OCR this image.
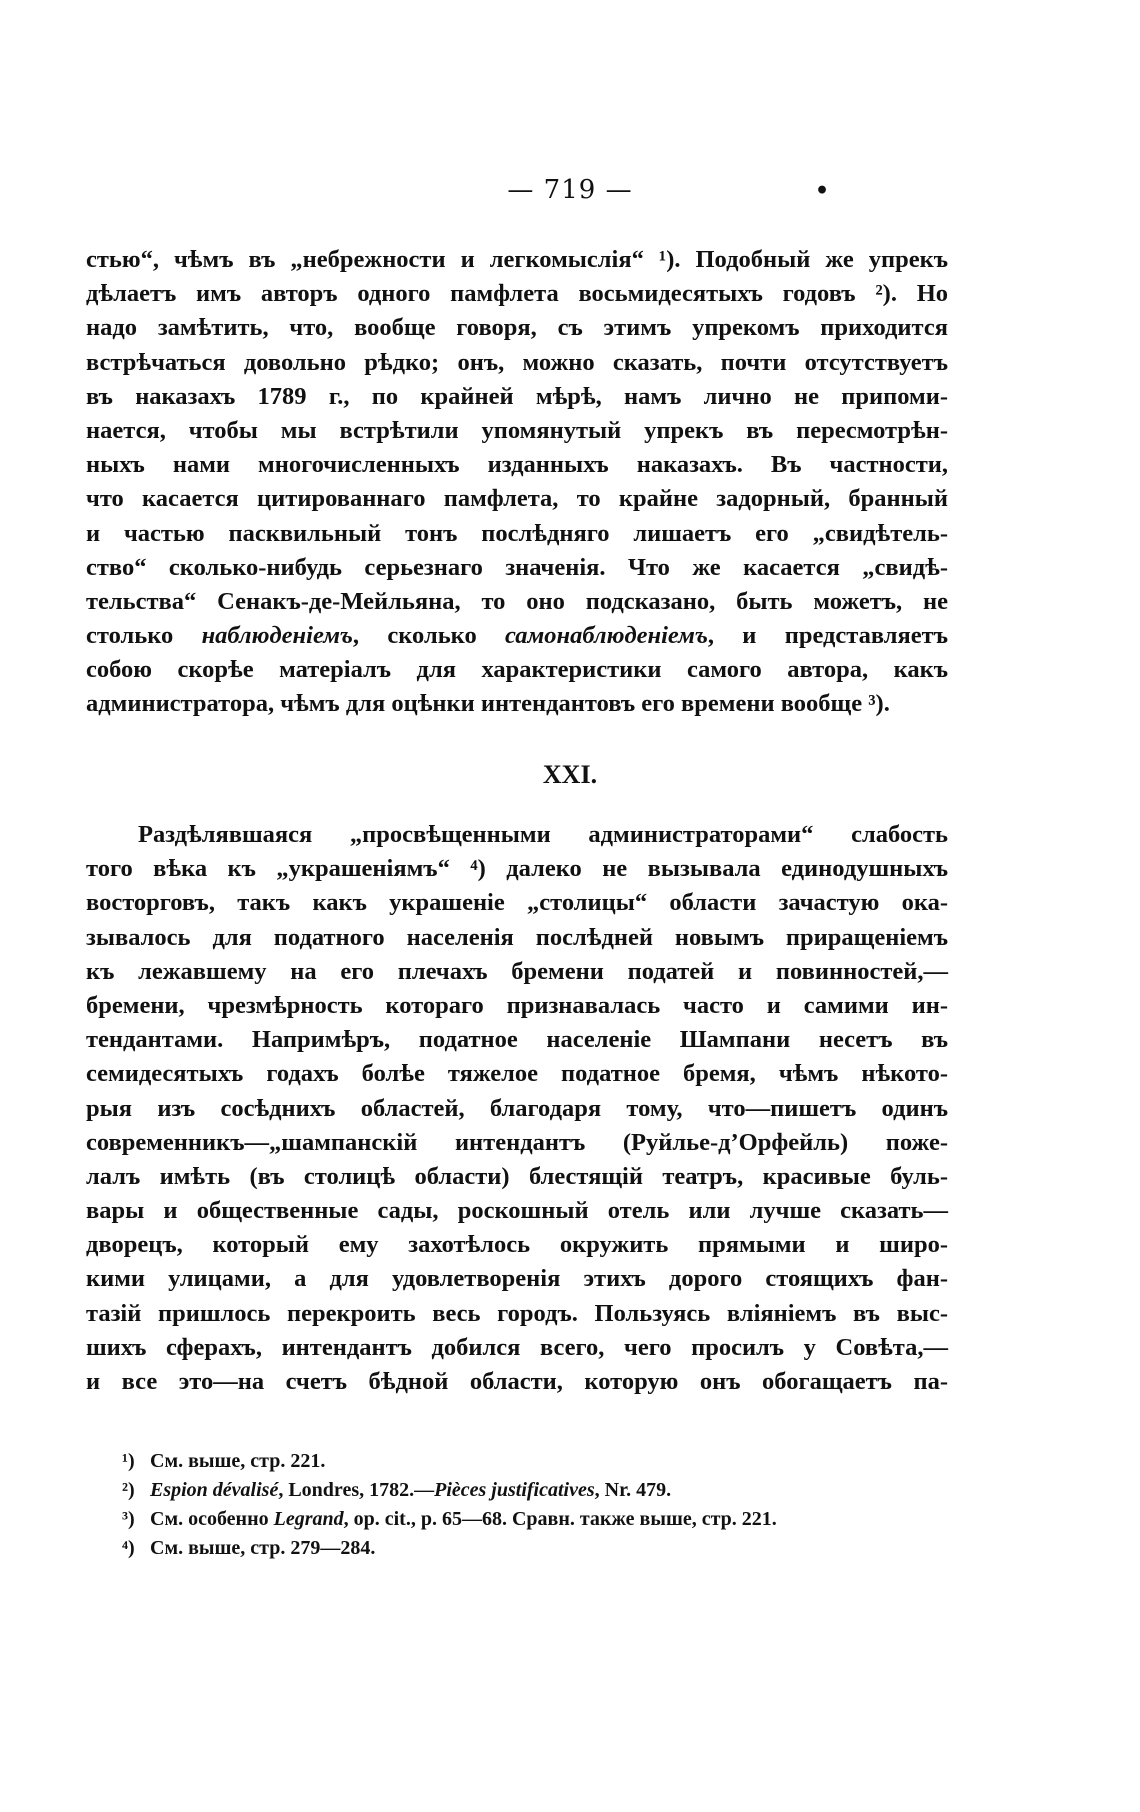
— 719 —	•
стью“, чѣмъ въ „небрежности и легкомыслія“ ¹). Подобный же упрекъ
дѣлаетъ имъ авторъ одного памфлета восьмидесятыхъ годовъ ²). Но
надо замѣтить, что, вообще говоря, съ этимъ упрекомъ приходится
встрѣчаться довольно рѣдко; онъ, можно сказать, почти отсутствуетъ
въ наказахъ 1789 г., по крайней мѣрѣ, намъ лично не припоми-
нается, чтобы мы встрѣтили упомянутый упрекъ въ пересмотрѣн-
ныхъ нами многочисленныхъ изданныхъ наказахъ. Въ частности,
что касается цитированнаго памфлета, то крайне задорный, бранный
и частью пасквильный тонъ послѣдняго лишаетъ его „свидѣтель-
ство“ сколько-нибудь серьезнаго значенія. Что же касается „свидѣ-
тельства“ Сенакъ-де-Мейльяна, то оно подсказано, быть можетъ, не
столько наблюденіемъ, сколько самонаблюденіемъ, и представляетъ
собою скорѣе матеріалъ для характеристики самого автора, какъ
администратора, чѣмъ для оцѣнки интендантовъ его времени вообще ³).
XXI.
Раздѣлявшаяся „просвѣщенными администраторами“ слабость
того вѣка къ „украшеніямъ“ ⁴) далеко не вызывала единодушныхъ
восторговъ, такъ какъ украшеніе „столицы“ области зачастую ока-
зывалось для податного населенія послѣдней новымъ приращеніемъ
къ лежавшему на его плечахъ бремени податей и повинностей,—
бремени, чрезмѣрность котораго признавалась часто и самими ин-
тендантами. Напримѣръ, податное населеніе Шампани несетъ въ
семидесятыхъ годахъ болѣе тяжелое податное бремя, чѣмъ нѣкото-
рыя изъ сосѣднихъ областей, благодаря тому, что—пишетъ одинъ
современникъ—„шампанскій интендантъ (Руйлье-д’Орфейль) поже-
лалъ имѣть (въ столицѣ области) блестящій театръ, красивые буль-
вары и общественные сады, роскошный отель или лучше сказать—
дворецъ, который ему захотѣлось окружить прямыми и широ-
кими улицами, а для удовлетворенія этихъ дорого стоящихъ фан-
тазій пришлось перекроить весь городъ. Пользуясь вліяніемъ въ выс-
шихъ сферахъ, интендантъ добился всего, чего просилъ у Совѣта,—
и все это—на счетъ бѣдной области, которую онъ обогащаетъ па-
¹) См. выше, стр. 221.
²) Espion dévalisé, Londres, 1782.—Pièces justificatives, Nr. 479.
³) См. особенно Legrand, op. cit., p. 65—68. Сравн. также выше, стр. 221.
⁴) См. выше, стр. 279—284.
